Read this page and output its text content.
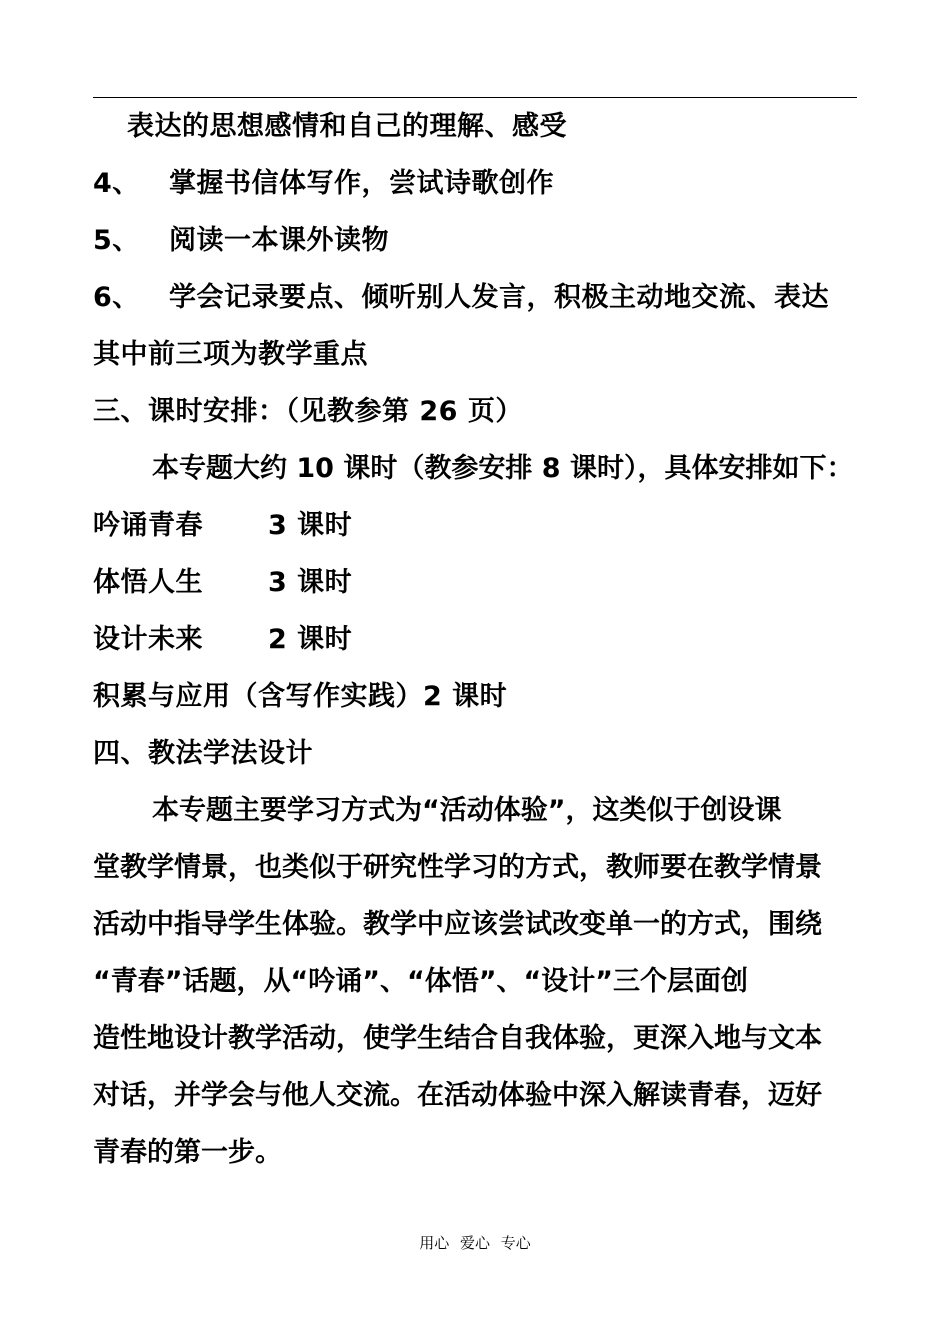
表达的思想感情和自己的理解、感受
4、 掌握书信体写作，尝试诗歌创作
5、 阅读一本课外读物
6、 学会记录要点、倾听别人发言，积极主动地交流、表达
其中前三项为教学重点
三、课时安排：（见教参第 26 页）
本专题大约 10 课时（教参安排 8 课时），具体安排如下：
吟诵青春 3 课时
体悟人生 3 课时
设计未来 2 课时
积累与应用（含写作实践）2 课时
四、教法学法设计
本专题主要学习方式为“活动体验”，这类似于创设课
堂教学情景，也类似于研究性学习的方式，教师要在教学情景
活动中指导学生体验。教学中应该尝试改变单一的方式，围绕
“青春”话题，从“吟诵”、“体悟”、“设计”三个层面创
造性地设计教学活动，使学生结合自我体验，更深入地与文本
对话，并学会与他人交流。在活动体验中深入解读青春，迈好
青春的第一步。
用心 爱心 专心
